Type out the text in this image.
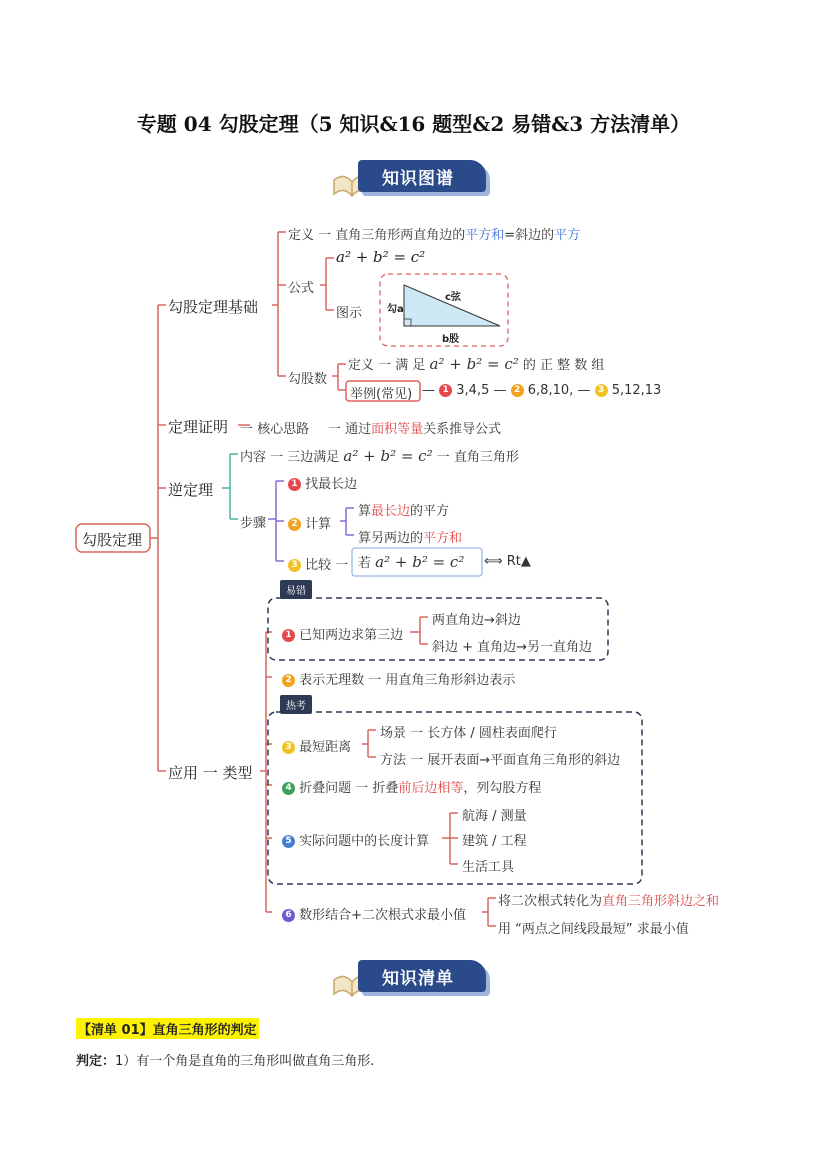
专题 04 勾股定理（5 知识&16 题型&2 易错&3 方法清单）
知识图谱
勾股定理
勾股定理基础
定义 一 直角三角形两直角边的平方和=斜边的平方
公式
a² + b² = c²
图示
c弦
勾a
b股
勾股数
定义 一 满 足 a² + b² = c² 的 正 整 数 组
举例(常见) — 1 3,4,5 — 2 6,8,10, — 3 5,12,13
定理证明 一 核心思路 一 通过面积等量关系推导公式
逆定理
内容 一 三边满足 a² + b² = c² 一 直角三角形
步骤
1 找最长边
2 计算
算最长边的平方
算另两边的平方和
3 比较 一 若 a² + b² = c² ⟺ Rt▲
应用 一 类型
易错
1 已知两边求第三边
两直角边→斜边
斜边 + 直角边→另一直角边
2 表示无理数 一 用直角三角形斜边表示
热考
3 最短距离
场景 一 长方体 / 圆柱表面爬行
方法 一 展开表面→平面直角三角形的斜边
4 折叠问题 一 折叠前后边相等，列勾股方程
5 实际问题中的长度计算
航海 / 测量
建筑 / 工程
生活工具
6 数形结合+二次根式求最小值
将二次根式转化为直角三角形斜边之和
用 “两点之间线段最短” 求最小值
知识清单
【清单 01】直角三角形的判定
判定：1）有一个角是直角的三角形叫做直角三角形.
